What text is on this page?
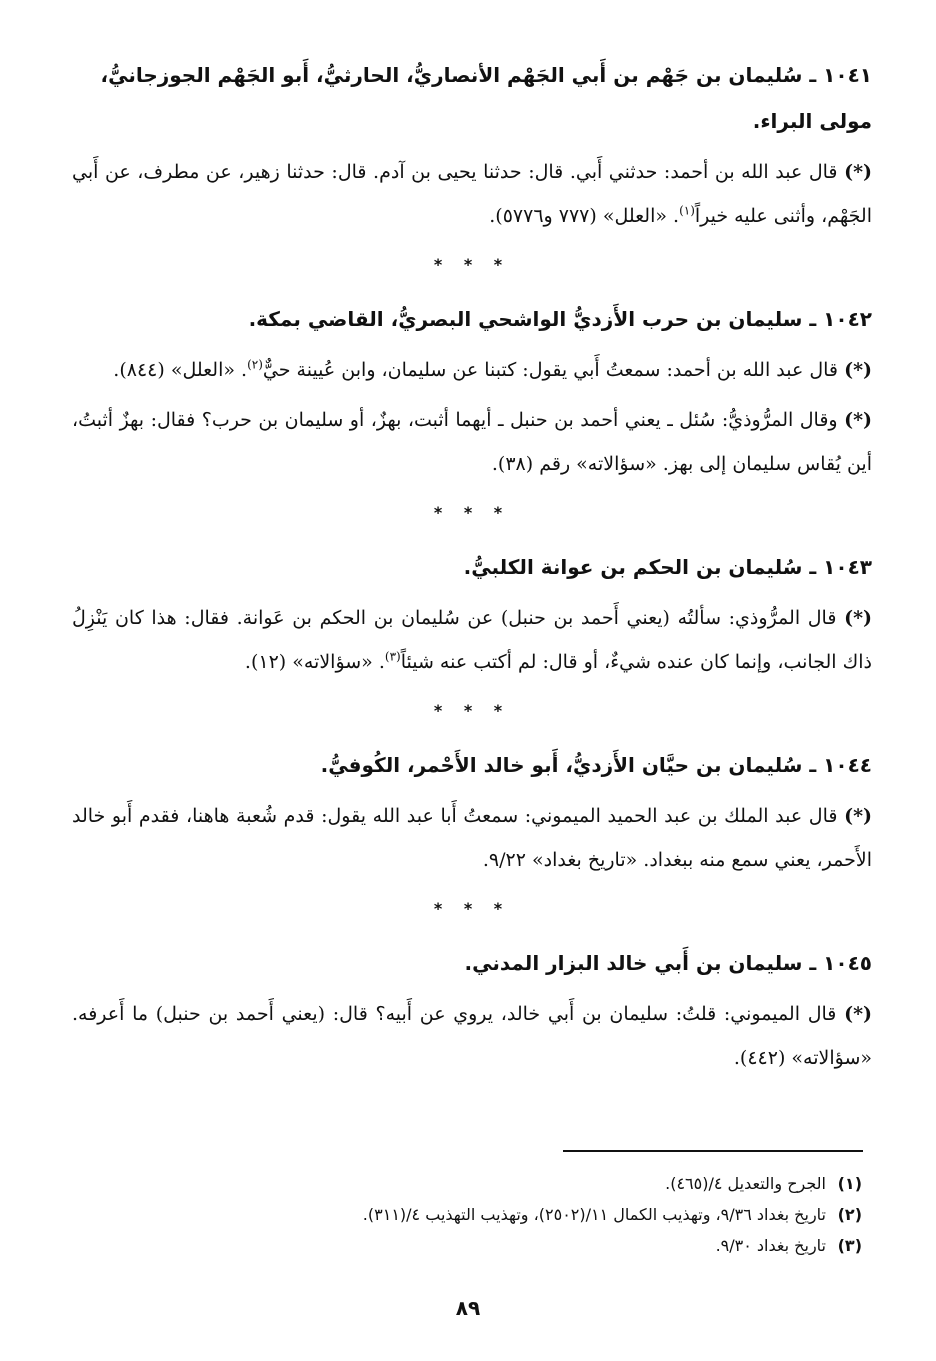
١٠٤١ ـ سُليمان بن جَهْم بن أَبي الجَهْم الأنصاريُّ، الحارثيُّ، أَبو الجَهْم الجوزجانيُّ، مولى البراء.

(*) قال عبد الله بن أحمد: حدثني أَبي. قال: حدثنا يحيى بن آدم. قال: حدثنا زهير، عن مطرف، عن أَبي الجَهْم، وأثنى عليه خيراً$^{(١)}$. «العلل» (٧٧٧ و٥٧٧٦).

* * *

١٠٤٢ ـ سليمان بن حرب الأَزديُّ الواشحي البصريُّ، القاضي بمكة.

(*) قال عبد الله بن أحمد: سمعتُ أَبي يقول: كتبنا عن سليمان، وابن عُيينة حيٌّ$^{(٢)}$. «العلل» (٨٤٤).

(*) وقال المرُّوذيُّ: سُئل ـ يعني أحمد بن حنبل ـ أيهما أثبت، بهزٌ، أو سليمان بن حرب؟ فقال: بهزٌ أثبتُ، أين يُقاس سليمان إلى بهز. «سؤالاته» رقم (٣٨).

* * *

١٠٤٣ ـ سُليمان بن الحكم بن عوانة الكلبيُّ.

(*) قال المرُّوذي: سألتُه (يعني أَحمد بن حنبل) عن سُليمان بن الحكم بن عَوانة. فقال: هذا كان يَنْزِلُ ذاك الجانب، وإنما كان عنده شيءٌ، أو قال: لم أكتب عنه شيئاً$^{(٣)}$. «سؤالاته» (١٢).

* * *

١٠٤٤ ـ سُليمان بن حيَّان الأَزديُّ، أَبو خالد الأَحْمر، الكُوفيُّ.

(*) قال عبد الملك بن عبد الحميد الميموني: سمعتُ أَبا عبد الله يقول: قدم شُعبة هاهنا، فقدم أَبو خالد الأَحمر، يعني سمع منه ببغداد. «تاريخ بغداد» ٩/٢٢.

* * *

١٠٤٥ ـ سليمان بن أَبي خالد البزار المدني.

(*) قال الميموني: قلتُ: سليمان بن أَبي خالد، يروي عن أَبيه؟ قال: (يعني أَحمد بن حنبل) ما أَعرفه. «سؤالاته» (٤٤٢).

(١)الجرح والتعديل ٤/(٤٦٥).
(٢)تاريخ بغداد ٩/٣٦، وتهذيب الكمال ١١/(٢٥٠٢)، وتهذيب التهذيب ٤/(٣١١).
(٣)تاريخ بغداد ٩/٣٠.
٨٩
